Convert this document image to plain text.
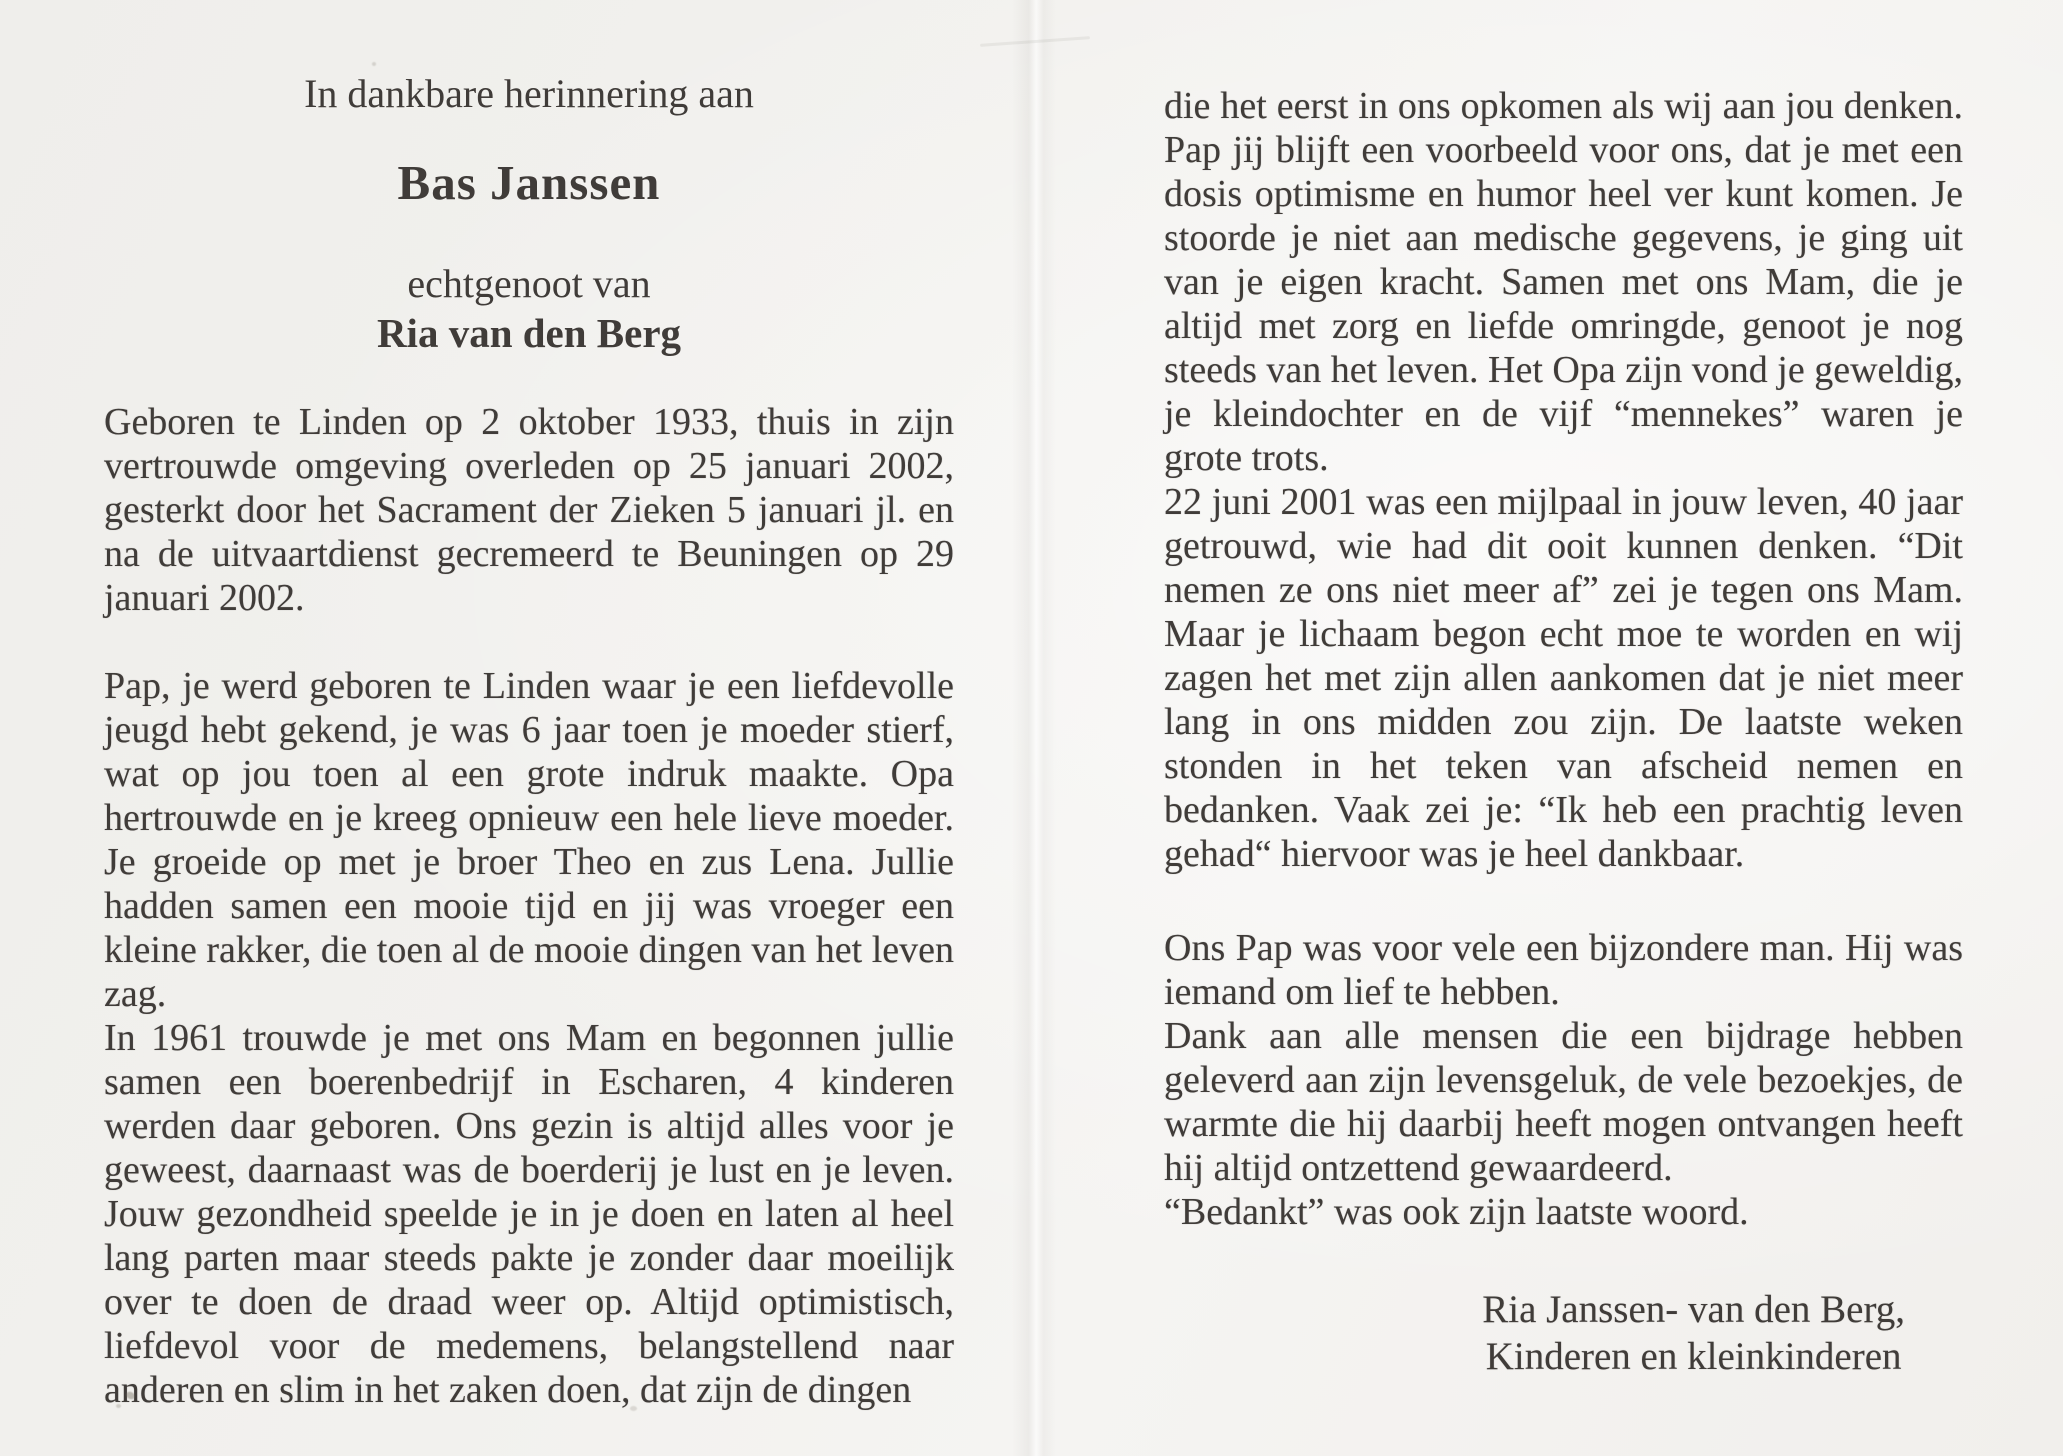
In dankbare herinnering aan

Bas Janssen

echtgenoot van

Ria van den Berg

Geboren te Linden op 2 oktober 1933, thuis in zijn vertrouwde omgeving overleden op 25 januari 2002, gesterkt door het Sacrament der Zieken 5 januari jl. en na de uitvaartdienst gecremeerd te Beuningen op 29 januari 2002.

Pap, je werd geboren te Linden waar je een liefdevolle jeugd hebt gekend, je was 6 jaar toen je moeder stierf, wat op jou toen al een grote indruk maakte. Opa hertrouwde en je kreeg opnieuw een hele lieve moeder. Je groeide op met je broer Theo en zus Lena. Jullie hadden samen een mooie tijd en jij was vroeger een kleine rakker, die toen al de mooie dingen van het leven zag.

In 1961 trouwde je met ons Mam en begonnen jullie samen een boerenbedrijf in Escharen, 4 kinderen werden daar geboren. Ons gezin is altijd alles voor je geweest, daarnaast was de boerderij je lust en je leven. Jouw gezondheid speelde je in je doen en laten al heel lang parten maar steeds pakte je zonder daar moeilijk over te doen de draad weer op. Altijd optimistisch, liefdevol voor de medemens, belangstellend naar anderen en slim in het zaken doen, dat zijn de dingen

die het eerst in ons opkomen als wij aan jou denken. Pap jij blijft een voorbeeld voor ons, dat je met een dosis optimisme en humor heel ver kunt komen. Je stoorde je niet aan medische gegevens, je ging uit van je eigen kracht. Samen met ons Mam, die je altijd met zorg en liefde omringde, genoot je nog steeds van het leven. Het Opa zijn vond je geweldig, je kleindochter en de vijf “mennekes” waren je grote trots.

22 juni 2001 was een mijlpaal in jouw leven, 40 jaar getrouwd, wie had dit ooit kunnen denken. “Dit nemen ze ons niet meer af” zei je tegen ons Mam. Maar je lichaam begon echt moe te worden en wij zagen het met zijn allen aankomen dat je niet meer lang in ons midden zou zijn. De laatste weken stonden in het teken van afscheid nemen en bedanken. Vaak zei je: “Ik heb een prachtig leven gehad“ hiervoor was je heel dankbaar.

Ons Pap was voor vele een bijzondere man. Hij was iemand om lief te hebben.

Dank aan alle mensen die een bijdrage hebben geleverd aan zijn levensgeluk, de vele bezoekjes, de warmte die hij daarbij heeft mogen ontvangen heeft hij altijd ontzettend gewaardeerd.

“Bedankt” was ook zijn laatste woord.

Ria Janssen- van den Berg,

Kinderen en kleinkinderen
